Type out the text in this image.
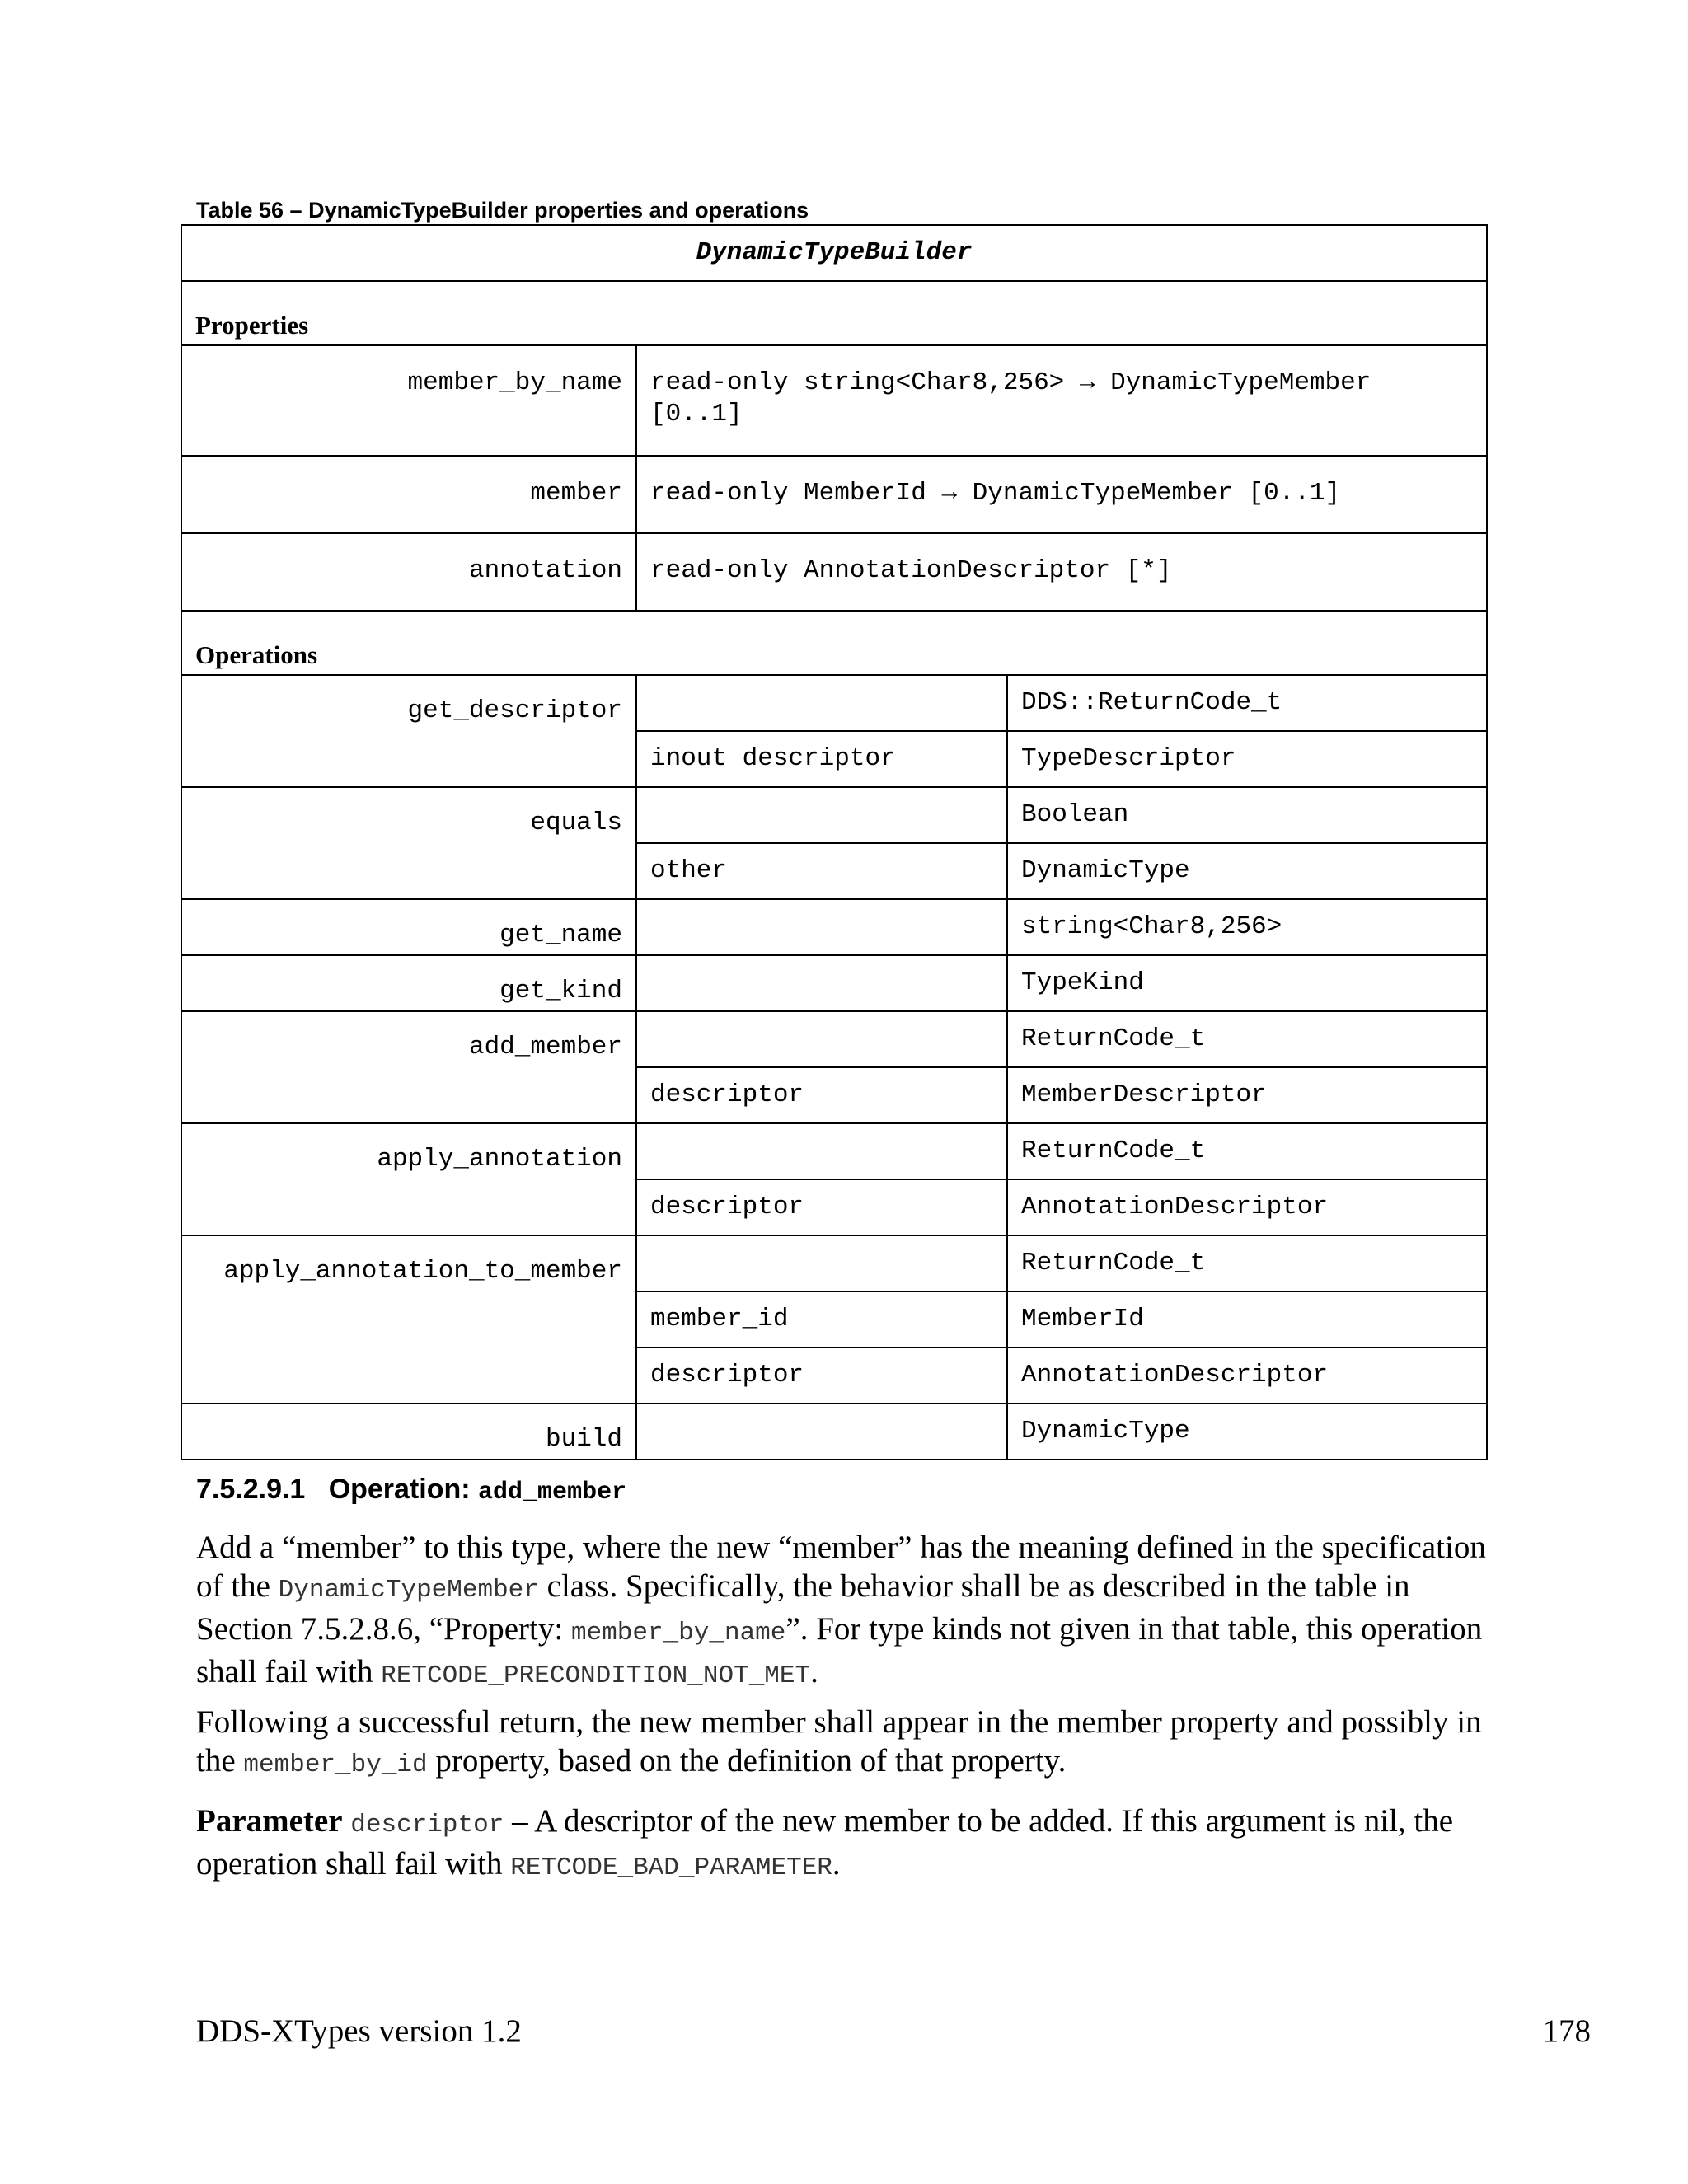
Table 56 – DynamicTypeBuilder properties and operations
DynamicTypeBuilder		
Properties		
member_by_name	read-only string<Char8,256> → DynamicTypeMember [0..1]	
member	read-only MemberId → DynamicTypeMember [0..1]	
annotation	read-only AnnotationDescriptor [*]	
Operations		
get_descriptor		DDS::ReturnCode_t
	inout descriptor	TypeDescriptor
equals		Boolean
	other	DynamicType
get_name		string<Char8,256>
get_kind		TypeKind
add_member		ReturnCode_t
	descriptor	MemberDescriptor
apply_annotation		ReturnCode_t
	descriptor	AnnotationDescriptor
apply_annotation_to_member		ReturnCode_t
	member_id	MemberId
	descriptor	AnnotationDescriptor
build		DynamicType
7.5.2.9.1 Operation: add_member
Add a “member” to this type, where the new “member” has the meaning defined in the specification of the DynamicTypeMember class. Specifically, the behavior shall be as described in the table in Section 7.5.2.8.6, “Property: member_by_name”. For type kinds not given in that table, this operation shall fail with RETCODE_PRECONDITION_NOT_MET.
Following a successful return, the new member shall appear in the member property and possibly in the member_by_id property, based on the definition of that property.
Parameter descriptor – A descriptor of the new member to be added. If this argument is nil, the operation shall fail with RETCODE_BAD_PARAMETER.
DDS-XTypes version 1.2	178
